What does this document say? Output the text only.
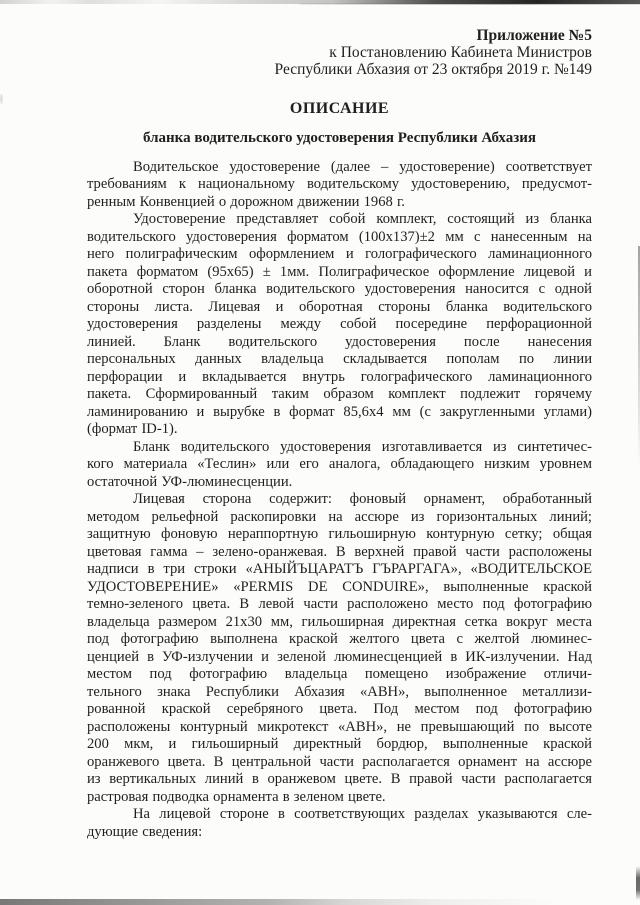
Приложение №5
к Постановлению Кабинета Министров
Республики Абхазия от 23 октября 2019 г. №149
ОПИСАНИЕ
бланка водительского удостоверения Республики Абхазия
Водительское удостоверение (далее – удостоверение) соответствует
требованиям к национальному водительскому удостоверению, предусмот-
ренным Конвенцией о дорожном движении 1968 г.
Удостоверение представляет собой комплект, состоящий из бланка
водительского удостоверения форматом (100x137)±2 мм с нанесенным на
него полиграфическим оформлением и голографического ламинационного
пакета форматом (95x65) ± 1мм. Полиграфическое оформление лицевой и
оборотной сторон бланка водительского удостоверения наносится с одной
стороны листа. Лицевая и оборотная стороны бланка водительского
удостоверения разделены между собой посередине перфорационной
линией. Бланк водительского удостоверения после нанесения
персональных данных владельца складывается пополам по линии
перфорации и вкладывается внутрь голографического ламинационного
пакета. Сформированный таким образом комплект подлежит горячему
ламинированию и вырубке в формат 85,6x4 мм (с закругленными углами)
(формат ID-1).
Бланк водительского удостоверения изготавливается из синтетичес-
кого материала «Теслин» или его аналога, обладающего низким уровнем
остаточной УФ-люминесценции.
Лицевая сторона содержит: фоновый орнамент, обработанный
методом рельефной раскопировки на ассюре из горизонтальных линий;
защитную фоновую нераппортную гильоширную контурную сетку; общая
цветовая гамма – зелено-оранжевая. В верхней правой части расположены
надписи в три строки «АНЫЙЪЦАРАТЪ ГЪРАРГАГА», «ВОДИТЕЛЬСКОЕ
УДОСТОВЕРЕНИЕ» «PERMIS DE CONDUIRE», выполненные краской
темно-зеленого цвета. В левой части расположено место под фотографию
владельца размером 21x30 мм, гильоширная директная сетка вокруг места
под фотографию выполнена краской желтого цвета с желтой люминес-
ценцией в УФ-излучении и зеленой люминесценцией в ИК-излучении. Над
местом под фотографию владельца помещено изображение отличи-
тельного знака Республики Абхазия «АВН», выполненное металлизи-
рованной краской серебряного цвета. Под местом под фотографию
расположены контурный микротекст «АВН», не превышающий по высоте
200 мкм, и гильоширный директный бордюр, выполненные краской
оранжевого цвета. В центральной части располагается орнамент на ассюре
из вертикальных линий в оранжевом цвете. В правой части располагается
растровая подводка орнамента в зеленом цвете.
На лицевой стороне в соответствующих разделах указываются сле-
дующие сведения:
